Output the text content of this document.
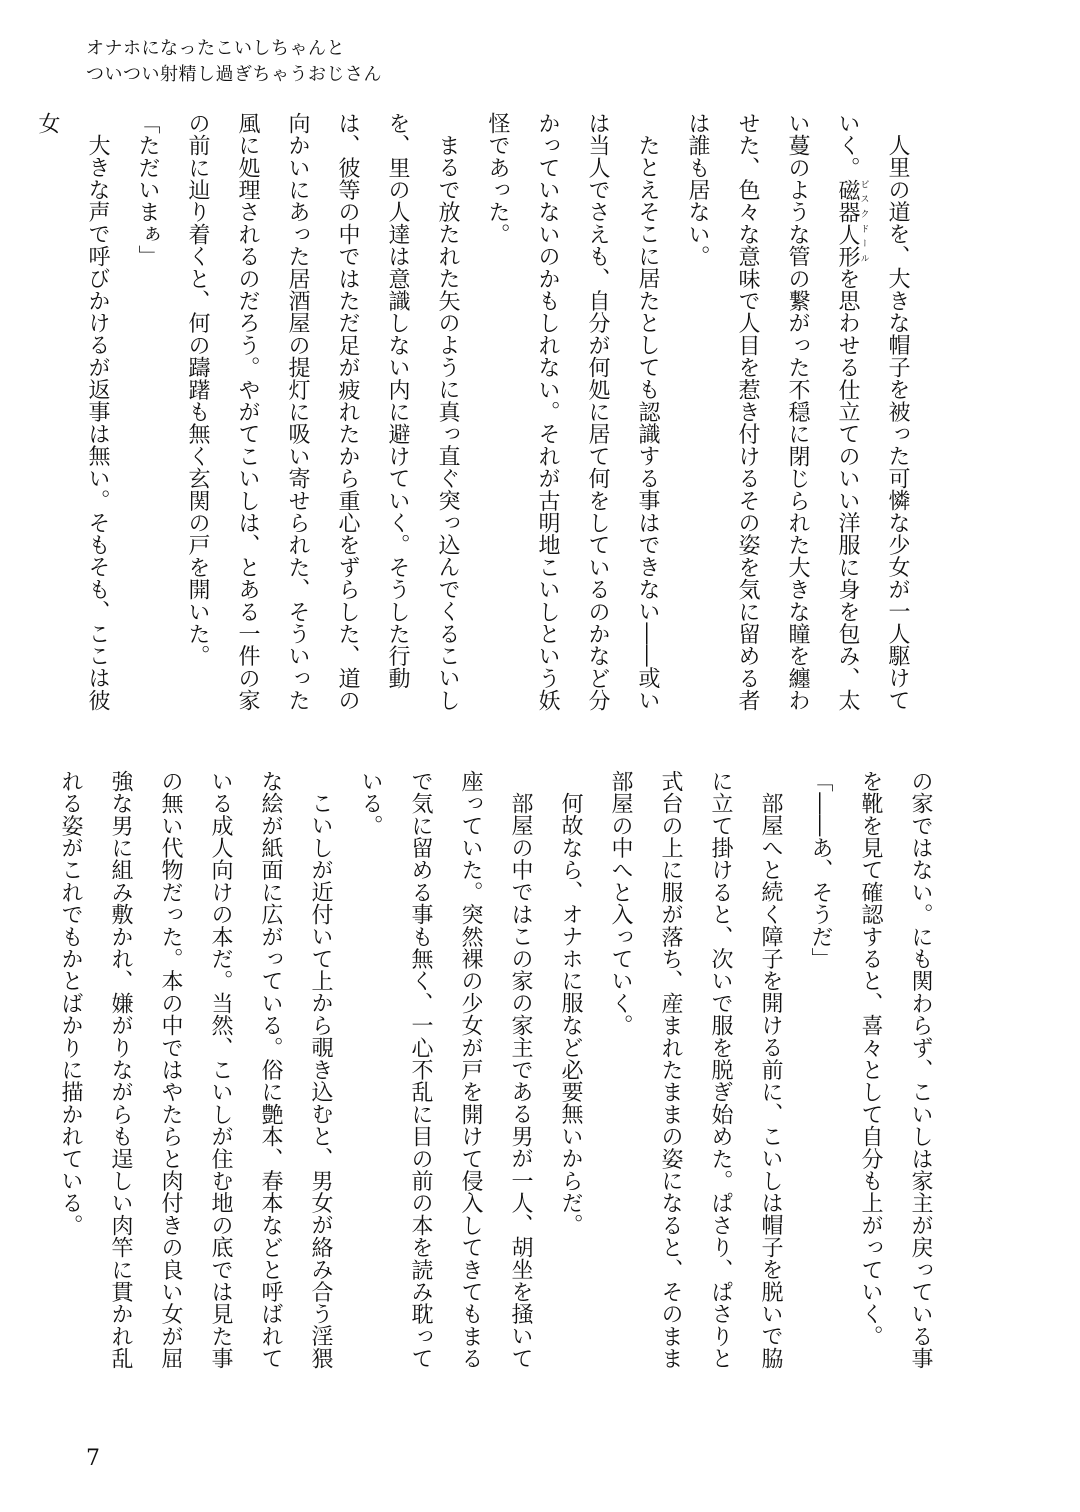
オナホになったこいしちゃんと
ついつい射精し過ぎちゃうおじさん

人里の道を、大きな帽子を被った可憐な少女が一人駆けていく。磁器人形ビスクドールを思わせる仕立てのいい洋服に身を包み、太い蔓のような管の繋がった不穏に閉じられた大きな瞳を纏わせた、色々な意味で人目を惹き付けるその姿を気に留める者は誰も居ない。

たとえそこに居たとしても認識する事はできない――或いは当人でさえも、自分が何処に居て何をしているのかなど分かっていないのかもしれない。それが古明地こいしという妖怪であった。

まるで放たれた矢のように真っ直ぐ突っ込んでくるこいしを、里の人達は意識しない内に避けていく。そうした行動は、彼等の中ではただ足が疲れたから重心をずらした、道の向かいにあった居酒屋の提灯に吸い寄せられた、そういった風に処理されるのだろう。やがてこいしは、とある一件の家の前に辿り着くと、何の躊躇も無く玄関の戸を開いた。

「ただいまぁ」

大きな声で呼びかけるが返事は無い。そもそも、ここは彼女

の家ではない。にも関わらず、こいしは家主が戻っている事を靴を見て確認すると、喜々として自分も上がっていく。

「――あ、そうだ」

部屋へと続く障子を開ける前に、こいしは帽子を脱いで脇に立て掛けると、次いで服を脱ぎ始めた。ぱさり、ぱさりと式台の上に服が落ち、産まれたままの姿になると、そのまま部屋の中へと入っていく。

何故なら、オナホに服など必要無いからだ。

部屋の中ではこの家の家主である男が一人、胡坐を掻いて座っていた。突然裸の少女が戸を開けて侵入してきてもまるで気に留める事も無く、一心不乱に目の前の本を読み耽っている。

こいしが近付いて上から覗き込むと、男女が絡み合う淫猥な絵が紙面に広がっている。俗に艶本、春本などと呼ばれている成人向けの本だ。当然、こいしが住む地の底では見た事の無い代物だった。本の中ではやたらと肉付きの良い女が屈強な男に組み敷かれ、嫌がりながらも逞しい肉竿に貫かれ乱れる姿がこれでもかとばかりに描かれている。

7
